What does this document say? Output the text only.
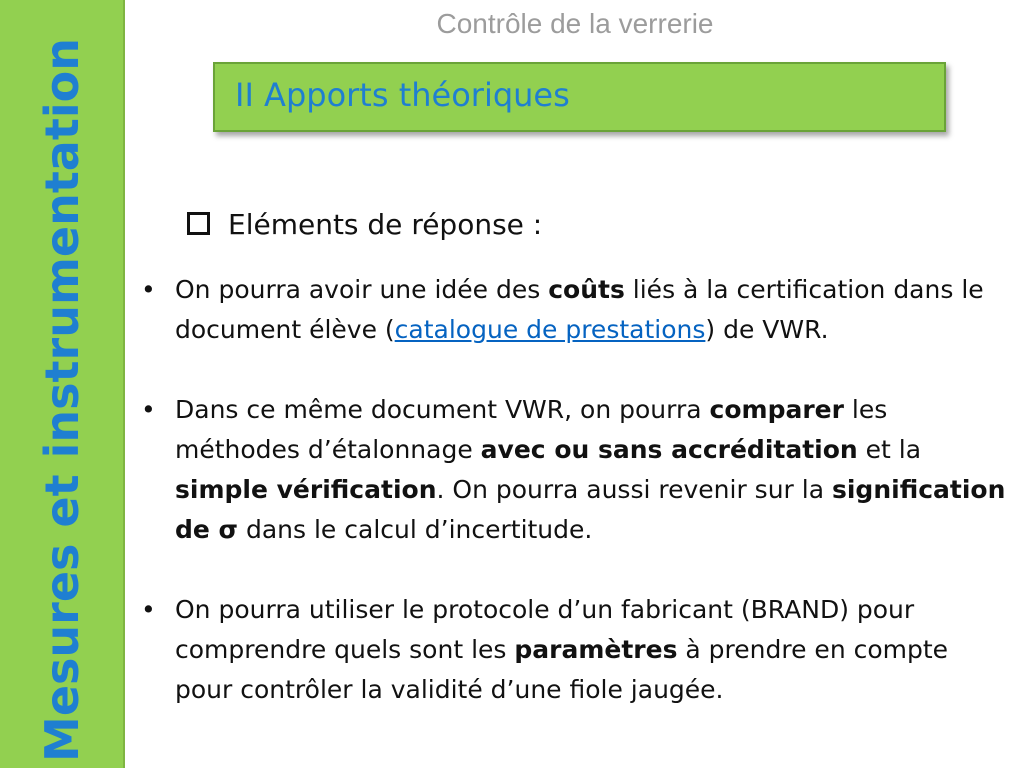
Mesures et instrumentation
Contrôle de la verrerie
II Apports théoriques
Eléments de réponse :
• On pourra avoir une idée des coûts liés à la certification dans le document élève (catalogue de prestations) de VWR.
• Dans ce même document VWR, on pourra comparer les méthodes d’étalonnage avec ou sans accréditation et la simple vérification. On pourra aussi revenir sur la signification de σ dans le calcul d’incertitude.
• On pourra utiliser le protocole d’un fabricant (BRAND) pour comprendre quels sont les paramètres à prendre en compte pour contrôler la validité d’une fiole jaugée.
